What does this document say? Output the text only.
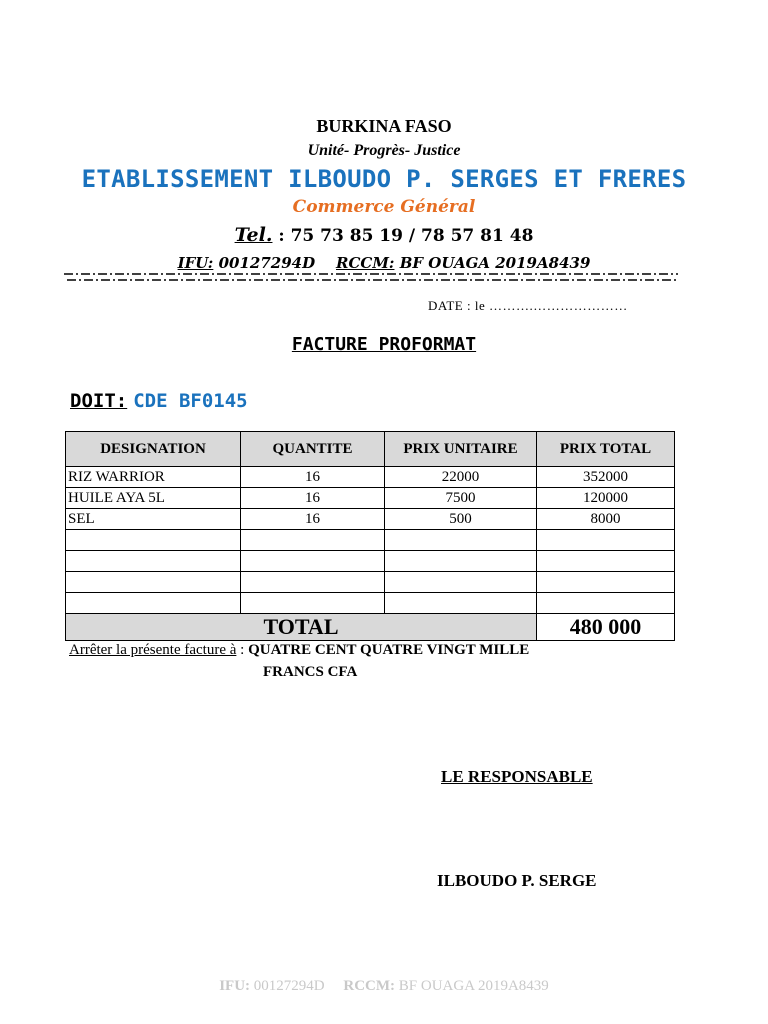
BURKINA FASO
Unité- Progrès- Justice
ETABLISSEMENT ILBOUDO P. SERGES ET FRERES
Commerce Général
Tel. : 75 73 85 19 / 78 57 81 48
IFU: 00127294D RCCM: BF OUAGA 2019A8439
DATE : le ……….…………………
FACTURE PROFORMAT
DOIT: CDE BF0145
DESIGNATION	QUANTITE	PRIX UNITAIRE	PRIX TOTAL
RIZ WARRIOR	16	22000	352000
HUILE AYA 5L	16	7500	120000
SEL	16	500	8000

TOTAL			480 000
Arrêter la présente facture à : QUATRE CENT QUATRE VINGT MILLE
FRANCS CFA
LE RESPONSABLE
ILBOUDO P. SERGE
IFU: 00127294D RCCM: BF OUAGA 2019A8439
